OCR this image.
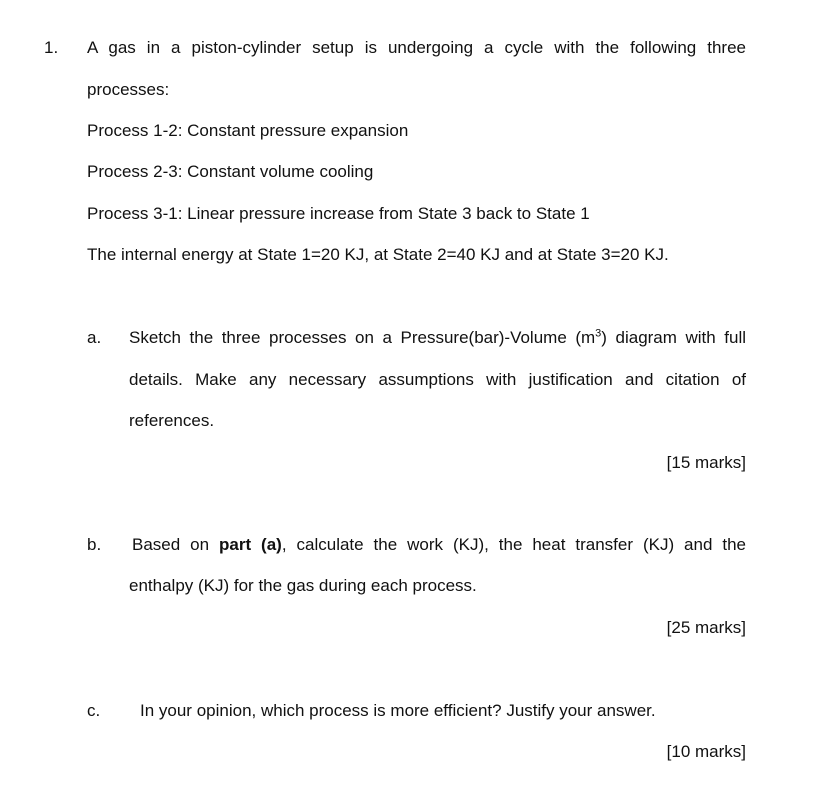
1. A gas in a piston-cylinder setup is undergoing a cycle with the following three
processes:
Process 1-2: Constant pressure expansion
Process 2-3: Constant volume cooling
Process 3-1: Linear pressure increase from State 3 back to State 1
The internal energy at State 1=20 KJ, at State 2=40 KJ and at State 3=20 KJ.
a. Sketch the three processes on a Pressure(bar)-Volume $(m^3)$ diagram with full
details. Make any necessary assumptions with justification and citation of
references.
[15 marks]
b. Based on part (a), calculate the work (KJ), the heat transfer (KJ) and the
enthalpy (KJ) for the gas during each process.
[25 marks]
c. In your opinion, which process is more efficient? Justify your answer.
[10 marks]
